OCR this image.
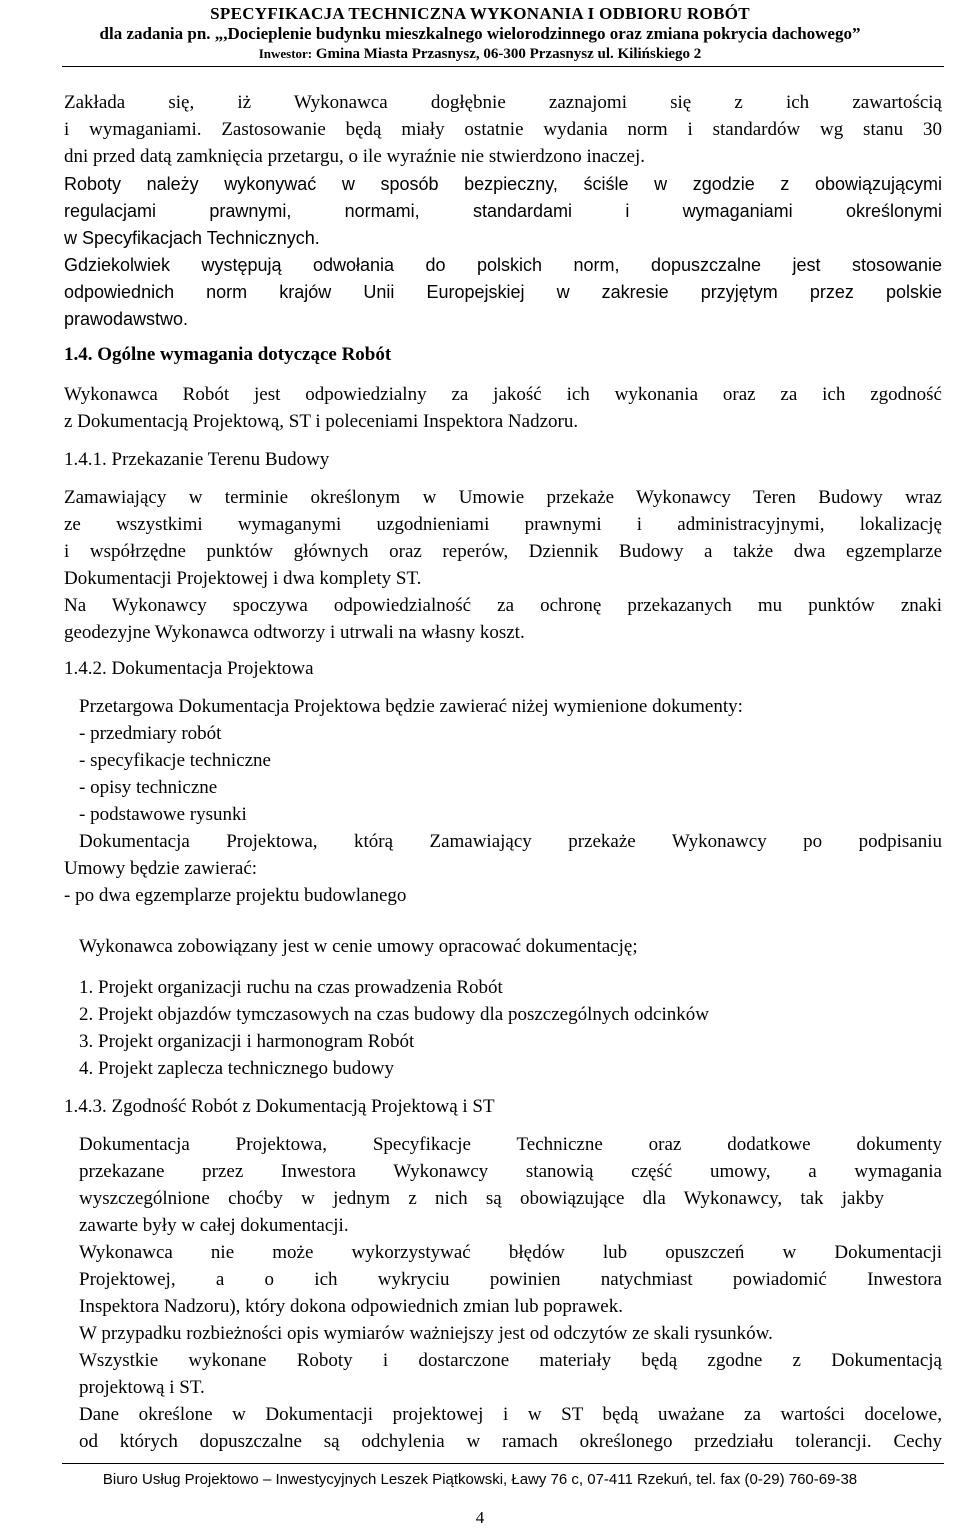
SPECYFIKACJA TECHNICZNA WYKONANIA I ODBIORU ROBÓT
dla zadania pn. „,Docieplenie budynku mieszkalnego wielorodzinnego oraz zmiana pokrycia dachowego”
Inwestor: Gmina Miasta Przasnysz, 06-300 Przasnysz ul. Kilińskiego 2

Zakłada się, iż Wykonawca dogłębnie zaznajomi się z ich zawartością

i wymaganiami. Zastosowanie będą miały ostatnie wydania norm i standardów wg stanu 30

dni przed datą zamknięcia przetargu, o ile wyraźnie nie stwierdzono inaczej.

Roboty należy wykonywać w sposób bezpieczny, ściśle w zgodzie z obowiązującymi

regulacjami prawnymi, normami, standardami i wymaganiami określonymi

w Specyfikacjach Technicznych.

Gdziekolwiek występują odwołania do polskich norm, dopuszczalne jest stosowanie

odpowiednich norm krajów Unii Europejskiej w zakresie przyjętym przez polskie

prawodawstwo.

1.4. Ogólne wymagania dotyczące Robót

Wykonawca Robót jest odpowiedzialny za jakość ich wykonania oraz za ich zgodność

z Dokumentacją Projektową, ST i poleceniami Inspektora Nadzoru.

1.4.1. Przekazanie Terenu Budowy

Zamawiający w terminie określonym w Umowie przekaże Wykonawcy Teren Budowy wraz

ze wszystkimi wymaganymi uzgodnieniami prawnymi i administracyjnymi, lokalizację

i współrzędne punktów głównych oraz reperów, Dziennik Budowy a także dwa egzemplarze

Dokumentacji Projektowej i dwa komplety ST.

Na Wykonawcy spoczywa odpowiedzialność za ochronę przekazanych mu punktów znaki

geodezyjne Wykonawca odtworzy i utrwali na własny koszt.

1.4.2. Dokumentacja Projektowa

Przetargowa Dokumentacja Projektowa będzie zawierać niżej wymienione dokumenty:

- przedmiary robót

- specyfikacje techniczne

- opisy techniczne

- podstawowe rysunki

Dokumentacja Projektowa, którą Zamawiający przekaże Wykonawcy po podpisaniu

Umowy będzie zawierać:

- po dwa egzemplarze projektu budowlanego

Wykonawca zobowiązany jest w cenie umowy opracować dokumentację;

1. Projekt organizacji ruchu na czas prowadzenia Robót

2. Projekt objazdów tymczasowych na czas budowy dla poszczególnych odcinków

3. Projekt organizacji i harmonogram Robót

4. Projekt zaplecza technicznego budowy

1.4.3. Zgodność Robót z Dokumentacją Projektową i ST

Dokumentacja Projektowa, Specyfikacje Techniczne oraz dodatkowe dokumenty

przekazane przez Inwestora Wykonawcy stanowią część umowy, a wymagania

wyszczególnione choćby w jednym z nich są obowiązujące dla Wykonawcy, tak jakby

zawarte były w całej dokumentacji.

Wykonawca nie może wykorzystywać błędów lub opuszczeń w Dokumentacji

Projektowej, a o ich wykryciu powinien natychmiast powiadomić Inwestora

Inspektora Nadzoru), który dokona odpowiednich zmian lub poprawek.

W przypadku rozbieżności opis wymiarów ważniejszy jest od odczytów ze skali rysunków.

Wszystkie wykonane Roboty i dostarczone materiały będą zgodne z Dokumentacją

projektową i ST.

Dane określone w Dokumentacji projektowej i w ST będą uważane za wartości docelowe,

od których dopuszczalne są odchylenia w ramach określonego przedziału tolerancji. Cechy

Biuro Usług Projektowo – Inwestycyjnych Leszek Piątkowski, Ławy 76 c, 07-411 Rzekuń, tel. fax (0-29) 760-69-38
4
